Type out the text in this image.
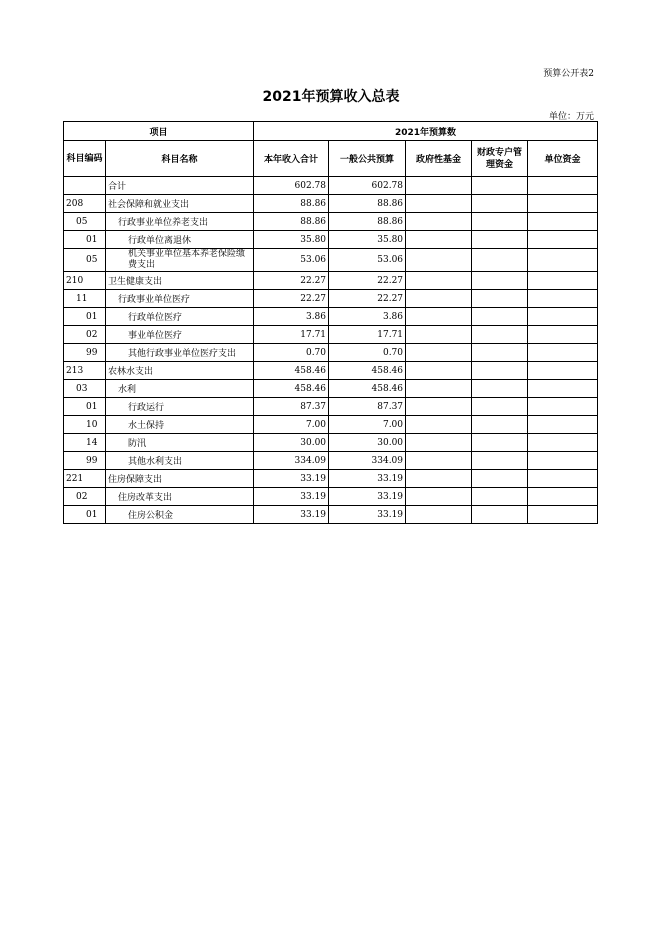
预算公开表2
2021年预算收入总表
单位：万元
项目		2021年预算数				
科目编码	科目名称	本年收入合计	一般公共预算	政府性基金	财政专户管理资金	单位资金
	合计	602.78	602.78			
208	社会保障和就业支出	88.86	88.86			
05	行政事业单位养老支出	88.86	88.86			
01	行政单位离退休	35.80	35.80			
05	机关事业单位基本养老保险缴费支出	53.06	53.06			
210	卫生健康支出	22.27	22.27			
11	行政事业单位医疗	22.27	22.27			
01	行政单位医疗	3.86	3.86			
02	事业单位医疗	17.71	17.71			
99	其他行政事业单位医疗支出	0.70	0.70			
213	农林水支出	458.46	458.46			
03	水利	458.46	458.46			
01	行政运行	87.37	87.37			
10	水土保持	7.00	7.00			
14	防汛	30.00	30.00			
99	其他水利支出	334.09	334.09			
221	住房保障支出	33.19	33.19			
02	住房改革支出	33.19	33.19			
01	住房公积金	33.19	33.19			
